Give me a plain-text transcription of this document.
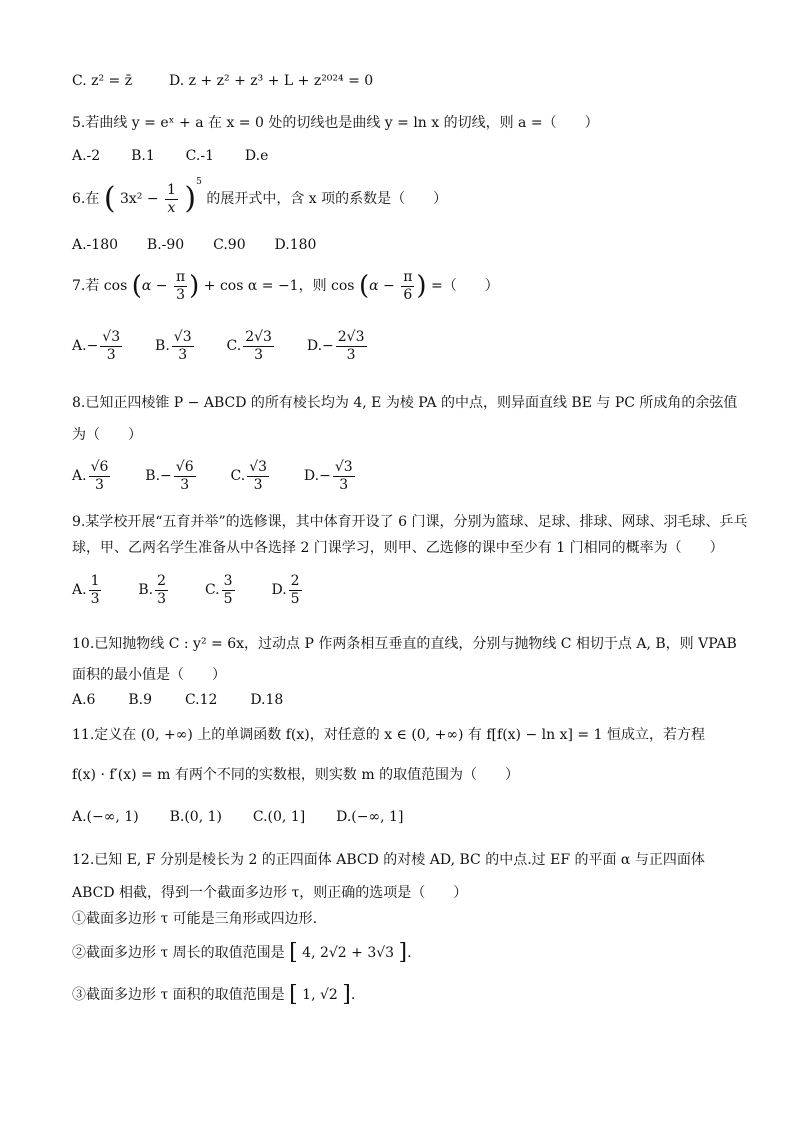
C. z² = z̄	D. z + z² + z³ + L + z²⁰²⁴ = 0
5.若曲线 y = eˣ + a 在 x = 0 处的切线也是曲线 y = ln x 的切线，则 a =（　　）
A.-2 B.1 C.-1 D.e
6.在 ( $3x^2 - \frac{1}{x} )^5$ 的展开式中，含 x 项的系数是（　　）
A.-180 B.-90 C.90 D.180
7.若 $\cos (\alpha - \frac{\pi}{3}$ ) + cos α = −1，则 $\cos (\alpha - \frac{\pi}{6}$ ) =（　　）
$A.- \frac{√3}{3} B$. $\frac{√3}{3} C$. $\frac{2√3}{3} D.- \frac{2√3}{3}$
8.已知正四棱锥 P − ABCD 的所有棱长均为 4, E 为棱 PA 的中点，则异面直线 BE 与 PC 所成角的余弦值
为（　　）
A. $\frac{√6}{3} B.- \frac{√6}{3} C$. $\frac{√3}{3} D.- \frac{√3}{3}$
9.某学校开展“五育并举”的选修课，其中体育开设了 6 门课，分别为篮球、足球、排球、网球、羽毛球、乒乓
球，甲、乙两名学生准备从中各选择 2 门课学习，则甲、乙选修的课中至少有 1 门相同的概率为（　　）
A. $\frac{1}{3}$	B. $\frac{2}{3}$	C. $\frac{3}{5}$	D. $\frac{2}{5}$
10.已知抛物线 C : y² = 6x，过动点 P 作两条相互垂直的直线，分别与抛物线 C 相切于点 A, B，则 VPAB
面积的最小值是（　　）
A.6 B.9 C.12 D.18
11.定义在 (0, +∞) 上的单调函数 f(x)，对任意的 x ∈ (0, +∞) 有 f[f(x) − ln x] = 1 恒成立，若方程
f(x) · f′(x) = m 有两个不同的实数根，则实数 m 的取值范围为（　　）
A.(−∞, 1) B.(0, 1) C.(0, 1] D.(−∞, 1]
12.已知 E, F 分别是棱长为 2 的正四面体 ABCD 的对棱 AD, BC 的中点.过 EF 的平面 α 与正四面体
ABCD 相截，得到一个截面多边形 τ，则正确的选项是（　　）
①截面多边形 τ 可能是三角形或四边形.
②截面多边形 τ 周长的取值范围是 [ 4, 2√2 + 3√3 ].
③截面多边形 τ 面积的取值范围是 [ 1, √2 ].
